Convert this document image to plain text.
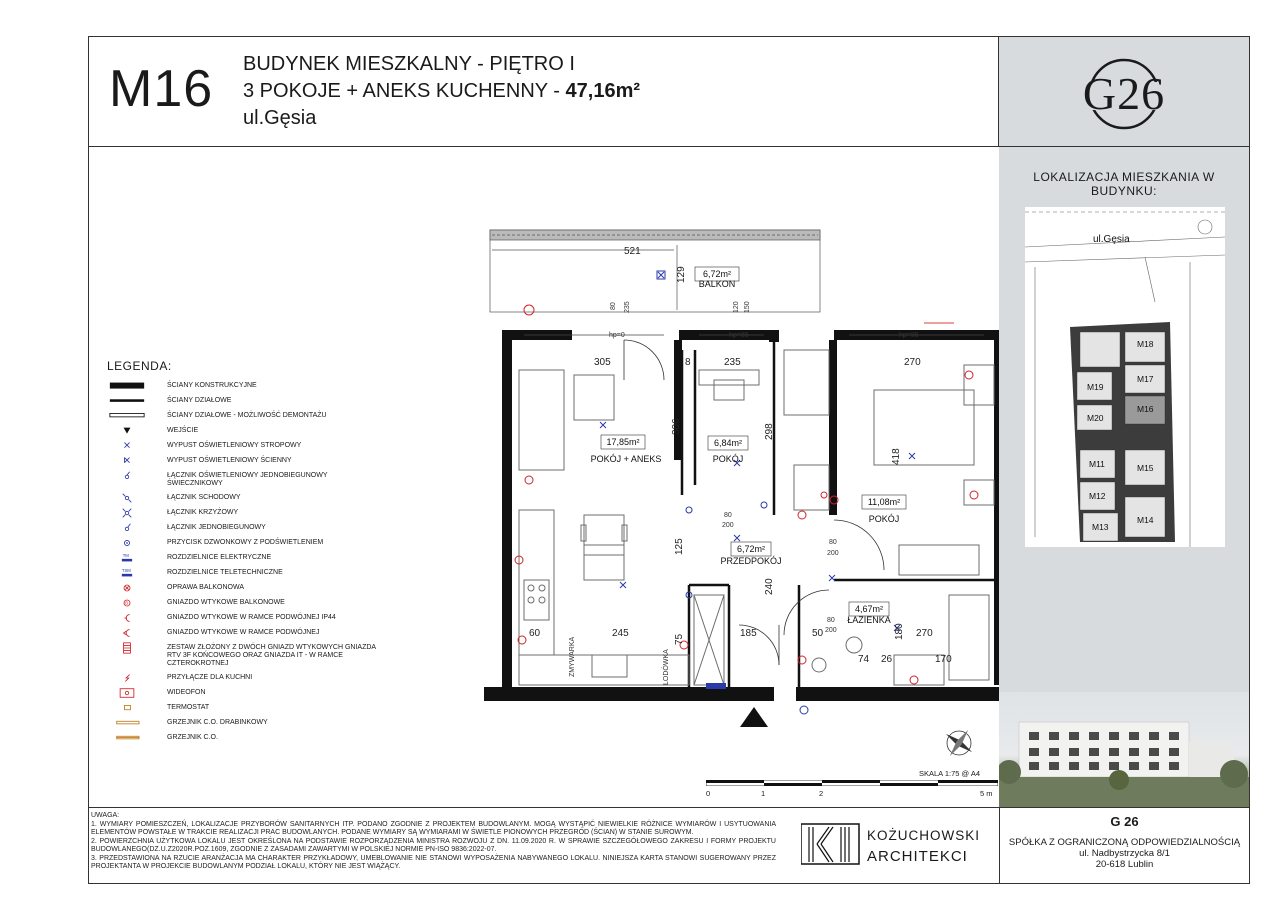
M16 BUDYNEK MIESZKALNY - PIĘTRO I
3 POKOJE + ANEKS KUCHENNY - 47,16m²
ul.Gęsia
LEGENDA:
ŚCIANY KONSTRUKCYJNE
ŚCIANY DZIAŁOWE
ŚCIANY DZIAŁOWE - MOŻLIWOŚĆ DEMONTAŻU
WEJŚCIE
WYPUST OŚWIETLENIOWY STROPOWY
WYPUST OŚWIETLENIOWY ŚCIENNY
ŁĄCZNIK OŚWIETLENIOWY JEDNOBIEGUNOWY ŚWIECZNIKOWY
ŁĄCZNIK SCHODOWY
ŁĄCZNIK KRZYŻOWY
ŁĄCZNIK JEDNOBIEGUNOWY
PRZYCISK DZWONKOWY Z PODŚWIETLENIEM
TM	ROZDZIELNICE ELEKTRYCZNE
TSM	ROZDZIELNICE TELETECHNICZNE
OPRAWA BALKONOWA
B	GNIAZDO WTYKOWE BALKONOWE
GNIAZDO WTYKOWE W RAMCE PODWÓJNEJ IP44
GNIAZDO WTYKOWE W RAMCE PODWÓJNEJ
ZESTAW ZŁOŻONY Z DWÓCH GNIAZD WTYKOWYCH GNIAZDA RTV 3F KOŃCOWEGO ORAZ GNIAZDA IT - W RAMCE CZTEROKROTNEJ
PRZYŁĄCZE DLA KUCHNI
WIDEOFON
TERMOSTAT
GRZEJNIK C.O. DRABINKOWY
GRZEJNIK C.O.
521
129
305	235	270
306	298
418
125
245
240
185	50	180 270
74 26	170
60
75
8
hp=0	hp=85	hp=85
80
200
80
200
80
200
80 235	150
120
LODÓWKA
ZMYWARKA
17,85m²
POKÓJ + ANEKS
6,84m²
POKÓJ
11,08m²
POKÓJ
6,72m²
PRZEDPOKÓJ
4,67m²
ŁAZIENKA
6,72m²
BALKON
SKALA 1:75 @ A4
0	1	2	5 m
G26
LOKALIZACJA MIESZKANIA W BUDYNKU:
ul.Gęsia
M18
M19
M17
M20
M16
M11	M15
M12
M13
M14
UWAGA:
1. WYMIARY POMIESZCZEŃ, LOKALIZACJE PRZYBORÓW SANITARNYCH ITP. PODANO ZGODNIE Z PROJEKTEM BUDOWLANYM. MOGĄ WYSTĄPIĆ NIEWIELKIE RÓŻNICE WYMIARÓW I USYTUOWANIA ELEMENTÓW POWSTAŁE W TRAKCIE REALIZACJI PRAC BUDOWLANYCH. PODANE WYMIARY SĄ WYMIARAMI W ŚWIETLE PIONOWYCH PRZEGRÓD (ŚCIAN) W STANIE SUROWYM.
2. POWIERZCHNIA UŻYTKOWA LOKALU JEST OKREŚLONA NA PODSTAWIE ROZPORZĄDZENIA MINISTRA ROZWOJU Z DN. 11.09.2020 R. W SPRAWIE SZCZEGÓŁOWEGO ZAKRESU I FORMY PROJEKTU BUDOWLANEGO(DZ.U.Z2020R.POZ.1609, ZGODNIE Z ZASADAMI ZAWARTYMI W POLSKIEJ NORMIE PN-ISO 9836:2022-07.
3. PRZEDSTAWIONA NA RZUCIE ARANŻACJA MA CHARAKTER PRZYKŁADOWY, UMEBLOWANIE NIE STANOWI WYPOSAŻENIA NABYWANEGO LOKALU. NINIEJSZA KARTA STANOWI SUGEROWANY PRZEZ PROJEKTANTA W PROJEKCIE BUDOWLANYM PODZIAŁ LOKALU, KTÓRY NIE JEST WIĄŻĄCY.
KOŻUCHOWSKI
ARCHITEKCI
G 26
SPÓŁKA Z OGRANICZONĄ ODPOWIEDZIALNOŚCIĄ
ul. Nadbystrzycka 8/1
20-618 Lublin
